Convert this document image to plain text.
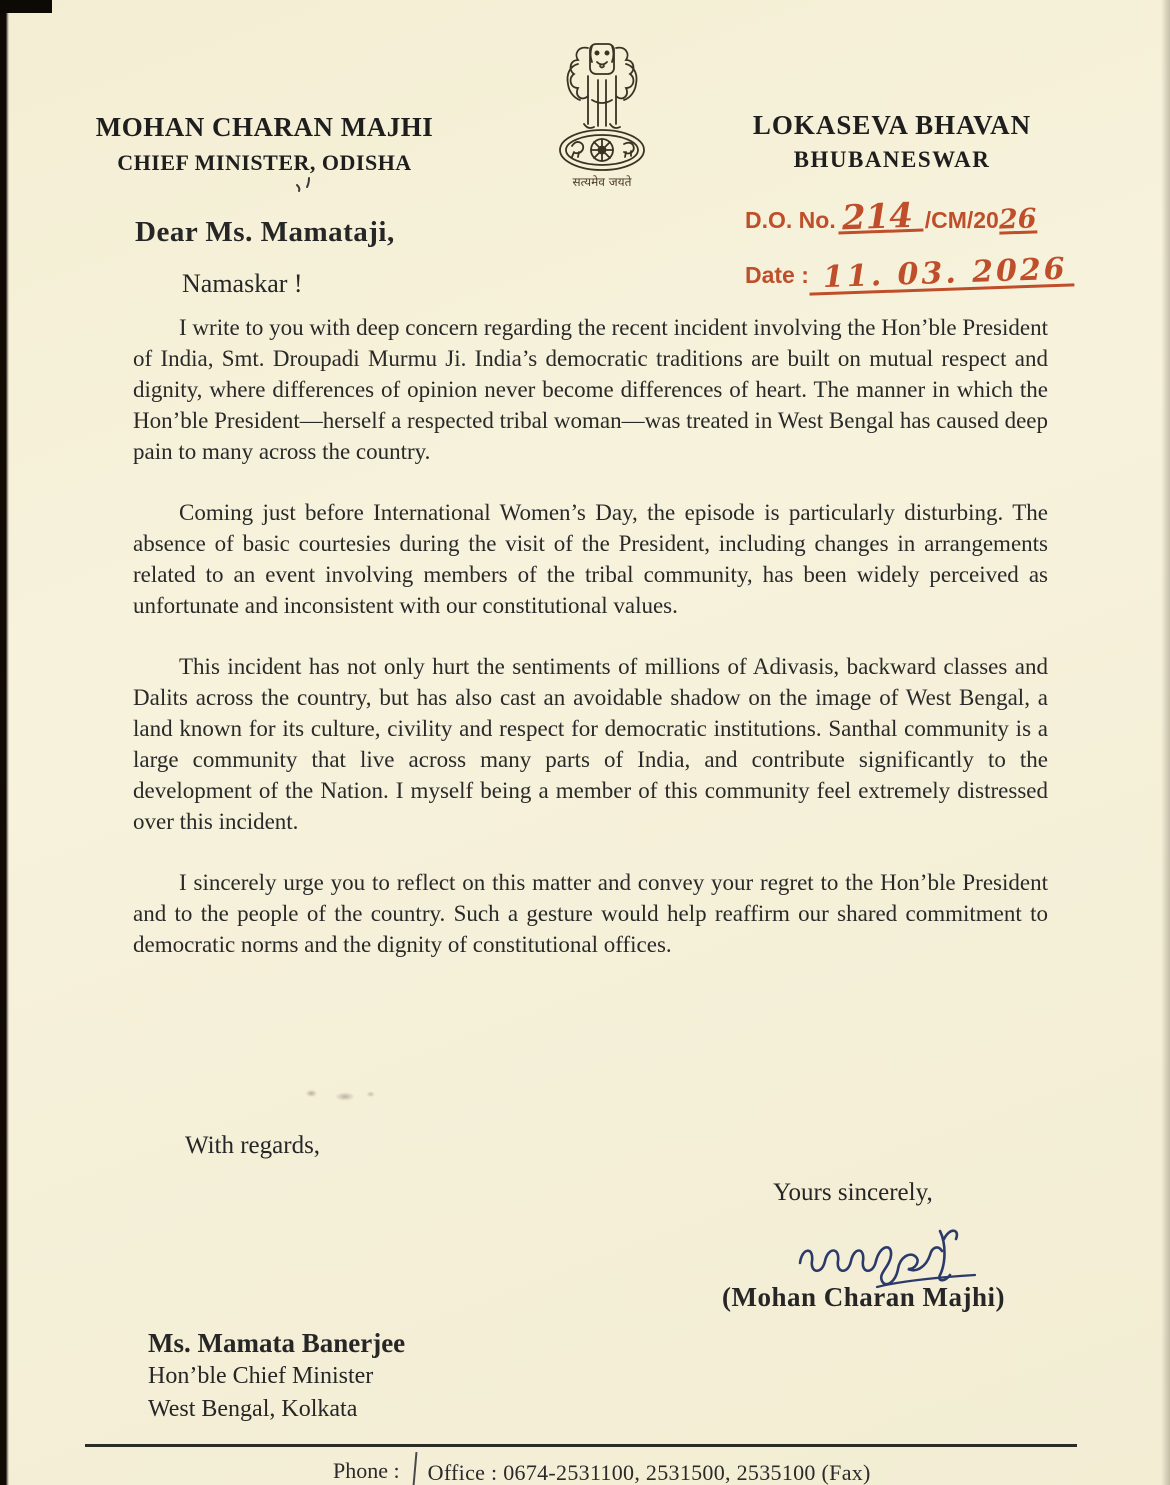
MOHAN CHARAN MAJHI
CHIEF MINISTER, ODISHA
सत्यमेव जयते
LOKASEVA BHAVAN
BHUBANESWAR
D.O. No. 214 /CM/2026
Date : 11. 03. 2026
Dear Ms. Mamataji,
Namaskar !

I write to you with deep concern regarding the recent incident involving the Hon’ble President of India, Smt. Droupadi Murmu Ji. India’s democratic traditions are built on mutual respect and dignity, where differences of opinion never become differences of heart. The manner in which the Hon’ble President—herself a respected tribal woman—was treated in West Bengal has caused deep pain to many across the country.

Coming just before International Women’s Day, the episode is particularly disturbing. The absence of basic courtesies during the visit of the President, including changes in arrangements related to an event involving members of the tribal community, has been widely perceived as unfortunate and inconsistent with our constitutional values.

This incident has not only hurt the sentiments of millions of Adivasis, backward classes and Dalits across the country, but has also cast an avoidable shadow on the image of West Bengal, a land known for its culture, civility and respect for democratic institutions. Santhal community is a large community that live across many parts of India, and contribute significantly to the development of the Nation. I myself being a member of this community feel extremely distressed over this incident.

I sincerely urge you to reflect on this matter and convey your regret to the Hon’ble President and to the people of the country. Such a gesture would help reaffirm our shared commitment to democratic norms and the dignity of constitutional offices.

With regards,
Yours sincerely,
(Mohan Charan Majhi)
Ms. Mamata Banerjee
Hon’ble Chief Minister
West Bengal, Kolkata
Phone : Office : 0674-2531100, 2531500, 2535100 (Fax)
